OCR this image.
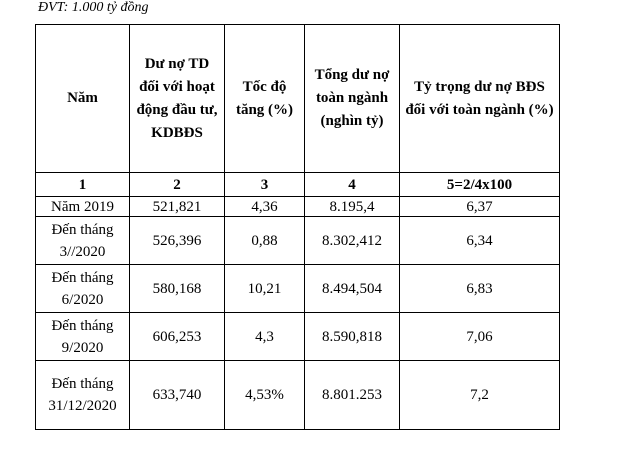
ĐVT: 1.000 tỷ đồng
Năm	Dư nợ TD đối với hoạt động đầu tư, KDBĐS	Tốc độ tăng (%)	Tổng dư nợ toàn ngành (nghìn tỷ)	Tỷ trọng dư nợ BĐS đối với toàn ngành (%)
1	2	3	4	5=2/4x100
Năm 2019	521,821	4,36	8.195,4	6,37
Đến tháng 3//2020	526,396	0,88	8.302,412	6,34
Đến tháng 6/2020	580,168	10,21	8.494,504	6,83
Đến tháng 9/2020	606,253	4,3	8.590,818	7,06
Đến tháng 31/12/2020	633,740	4,53%	8.801.253	7,2
